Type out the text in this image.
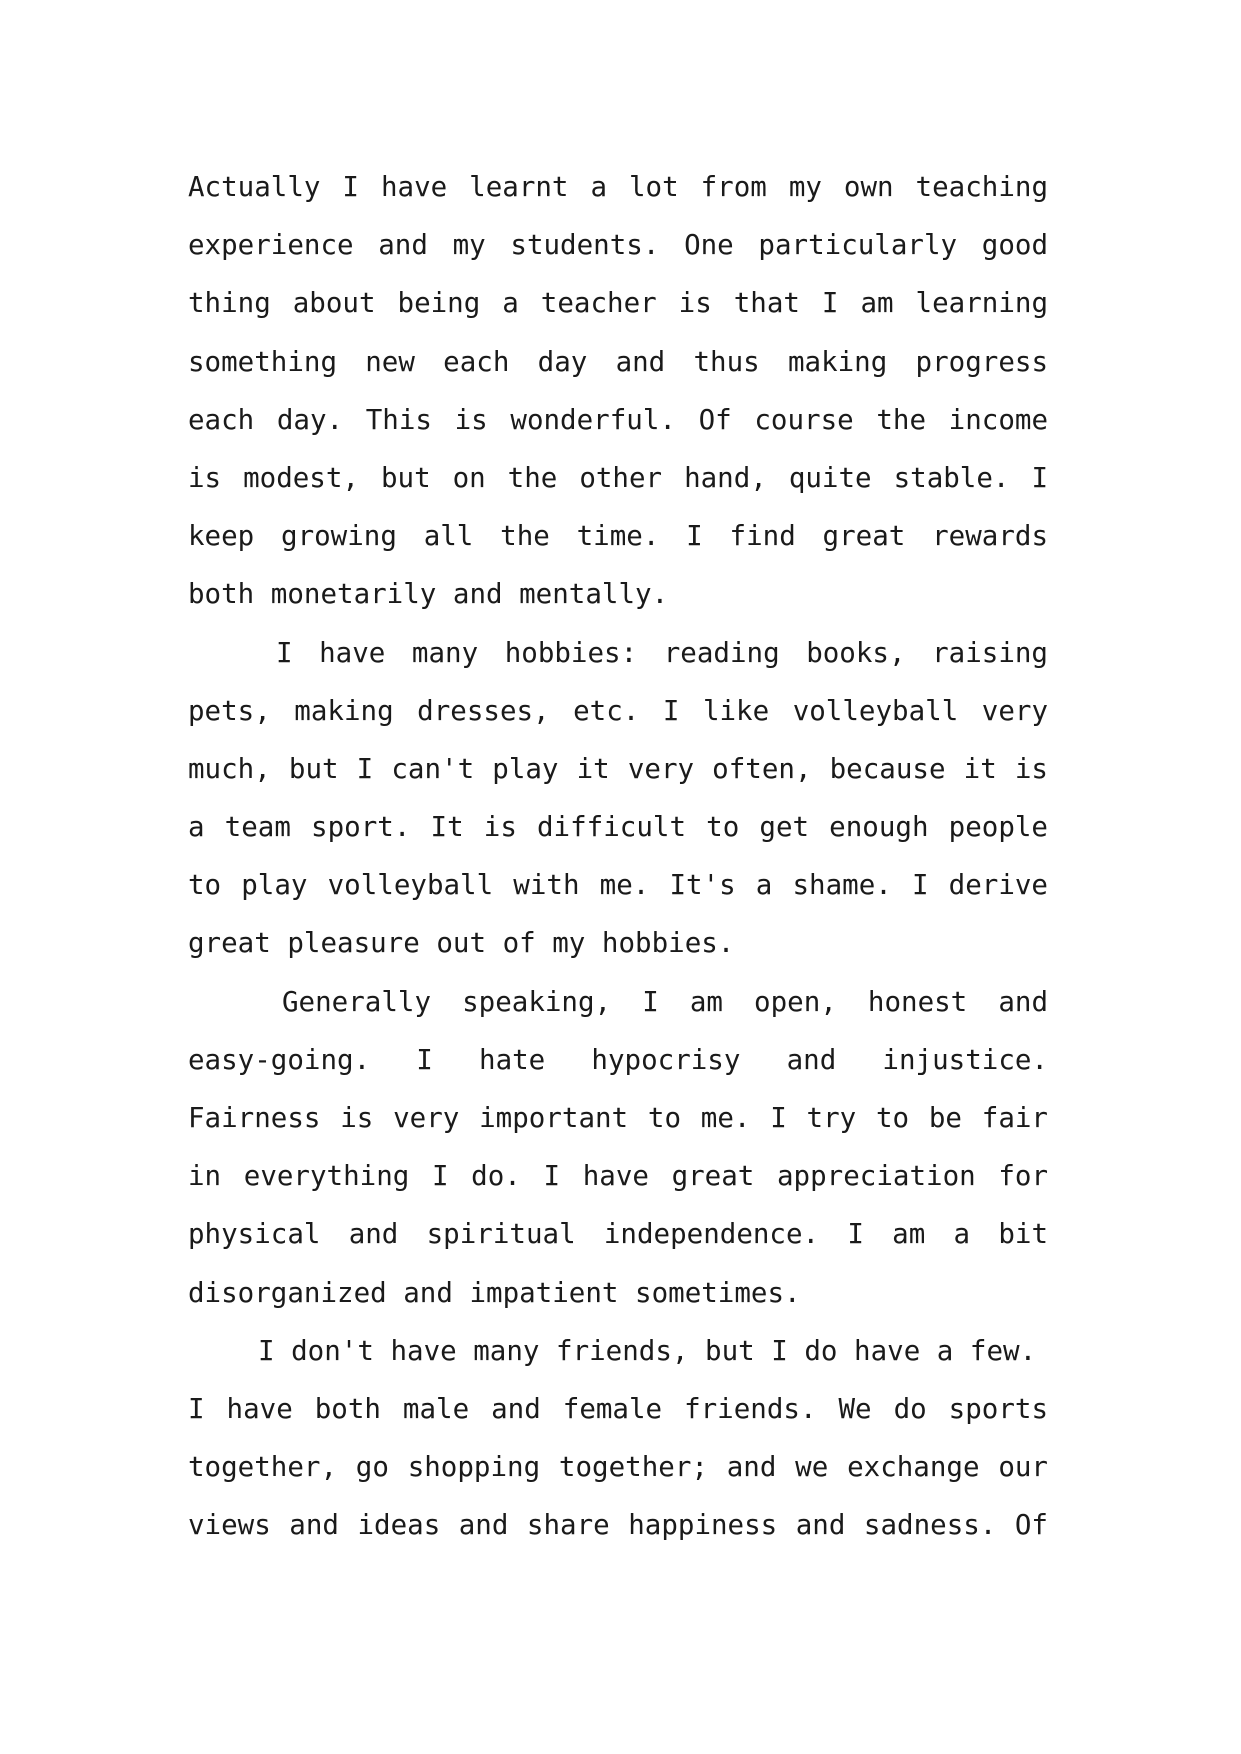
Actually I have learnt a lot from my own teaching
experience and my students. One particularly good
thing about being a teacher is that I am learning
something new each day and thus making progress
each day. This is wonderful. Of course the income
is modest, but on the other hand, quite stable. I
keep growing all the time. I find great rewards
both monetarily and mentally.
I have many hobbies: reading books, raising
pets, making dresses, etc. I like volleyball very
much, but I can't play it very often, because it is
a team sport. It is difficult to get enough people
to play volleyball with me. It's a shame. I derive
great pleasure out of my hobbies.
Generally speaking, I am open, honest and
easy-going. I hate hypocrisy and injustice.
Fairness is very important to me. I try to be fair
in everything I do. I have great appreciation for
physical and spiritual independence. I am a bit
disorganized and impatient sometimes.
I don't have many friends, but I do have a few.
I have both male and female friends. We do sports
together, go shopping together; and we exchange our
views and ideas and share happiness and sadness. Of
